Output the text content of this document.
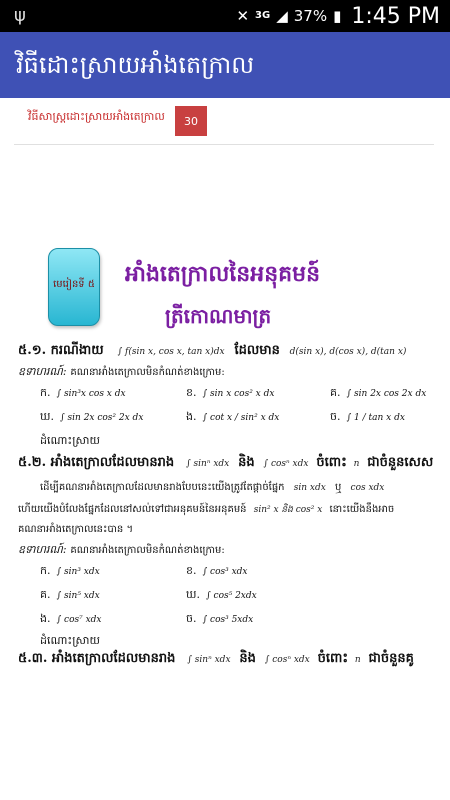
ψ	✕ 3G ◢ 37% ▮ 1:45 PM
វិធីដោះស្រាយអាំងតេក្រាល
វិធីសាស្ត្រដោះស្រាយអាំងតេក្រាល	30
មេរៀនទី ៥ អាំងតេក្រាលនៃអនុគមន៍
ត្រីកោណមាត្រ
៥.១. ករណីងាយ ∫ f(sin x, cos x, tan x)dx ដែលមាន d(sin x), d(cos x), d(tan x)
ឧទាហរណ៍: គណនាអាំងតេក្រាលមិនកំណត់ខាងក្រោម:
ក. ∫ sin³x cos x dx	ខ. ∫ sin x cos² x dx	គ. ∫ sin 2x cos 2x dx
ឃ. ∫ sin 2x cos² 2x dx	ង. ∫ cot x / sin² x dx	ច. ∫ 1 / tan x dx
ដំណោះស្រាយ
៥.២. អាំងតេក្រាលដែលមានរាង ∫ sinⁿ xdx និង ∫ cosⁿ xdx ចំពោះ n ជាចំនួនសេស
ដើម្បីគណនាអាំងតេក្រាលដែលមានរាងបែបនេះយើងត្រូវតែផ្តាច់ផ្នែក sin xdx ឬ cos xdx
ហើយយើងបំលែងផ្នែកដែលនៅសល់ទៅជាអនុគមន៍នៃអនុគមន៍ sin² x និង cos² x នោះយើងនឹងអាច
គណនាអាំងតេក្រាលនេះបាន ។
ឧទាហរណ៍: គណនាអាំងតេក្រាលមិនកំណត់ខាងក្រោម:
ក. ∫ sin³ xdx	ខ. ∫ cos³ xdx
គ. ∫ sin⁵ xdx	ឃ. ∫ cos⁵ 2xdx
ង. ∫ cos⁷ xdx	ច. ∫ cos³ 5xdx
ដំណោះស្រាយ
៥.៣. អាំងតេក្រាលដែលមានរាង ∫ sinⁿ xdx និង ∫ cosⁿ xdx ចំពោះ n ជាចំនួនគូ
